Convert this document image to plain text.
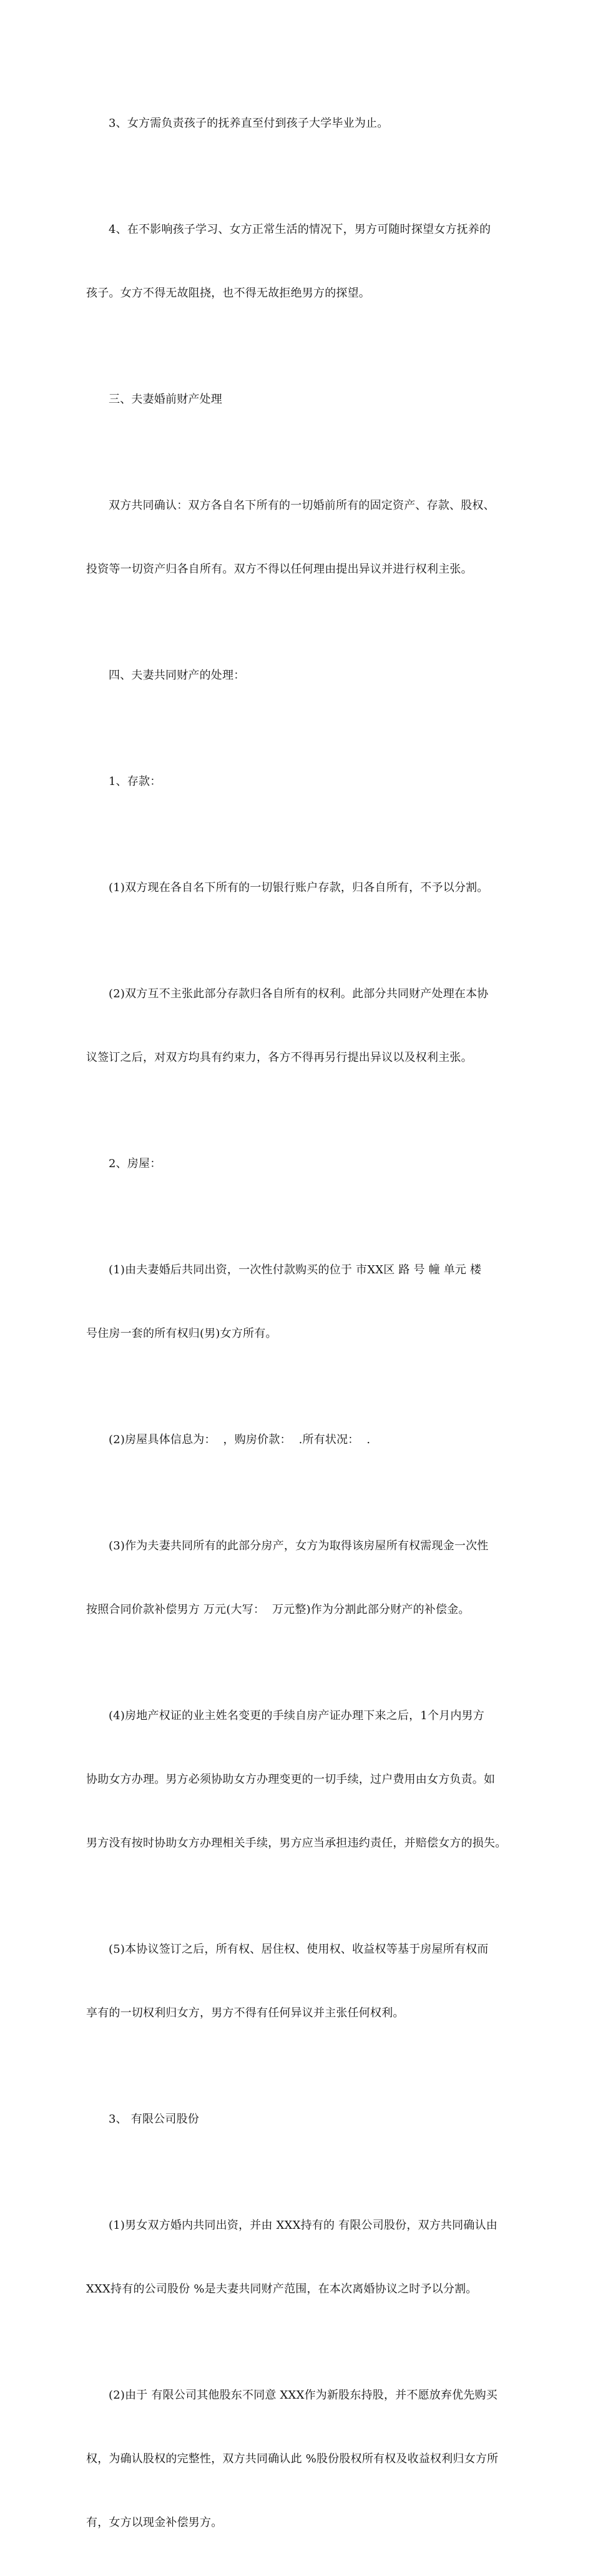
3、女方需负责孩子的抚养直至付到孩子大学毕业为止。

4、在不影响孩子学习、女方正常生活的情况下，男方可随时探望女方抚养的

孩子。女方不得无故阻挠，也不得无故拒绝男方的探望。

三、夫妻婚前财产处理

双方共同确认：双方各自名下所有的一切婚前所有的固定资产、存款、股权、

投资等一切资产归各自所有。双方不得以任何理由提出异议并进行权利主张。

四、夫妻共同财产的处理：

1、存款：

(1)双方现在各自名下所有的一切银行账户存款，归各自所有，不予以分割。

(2)双方互不主张此部分存款归各自所有的权利。此部分共同财产处理在本协

议签订之后，对双方均具有约束力，各方不得再另行提出异议以及权利主张。

2、房屋：

(1)由夫妻婚后共同出资，一次性付款购买的位于 市XX区 路 号 幢 单元 楼

号住房一套的所有权归(男)女方所有。

(2)房屋具体信息为：  ，购房价款：  .所有状况：  .

(3)作为夫妻共同所有的此部分房产，女方为取得该房屋所有权需现金一次性

按照合同价款补偿男方 万元(大写：  万元整)作为分割此部分财产的补偿金。

(4)房地产权证的业主姓名变更的手续自房产证办理下来之后，1个月内男方

协助女方办理。男方必须协助女方办理变更的一切手续，过户费用由女方负责。如

男方没有按时协助女方办理相关手续，男方应当承担违约责任，并赔偿女方的损失。

(5)本协议签订之后，所有权、居住权、使用权、收益权等基于房屋所有权而

享有的一切权利归女方，男方不得有任何异议并主张任何权利。

3、 有限公司股份

(1)男女双方婚内共同出资，并由 XXX持有的 有限公司股份，双方共同确认由

XXX持有的公司股份 %是夫妻共同财产范围，在本次离婚协议之时予以分割。

(2)由于 有限公司其他股东不同意 XXX作为新股东持股，并不愿放弃优先购买

权，为确认股权的完整性，双方共同确认此 %股份股权所有权及收益权利归女方所

有，女方以现金补偿男方。
